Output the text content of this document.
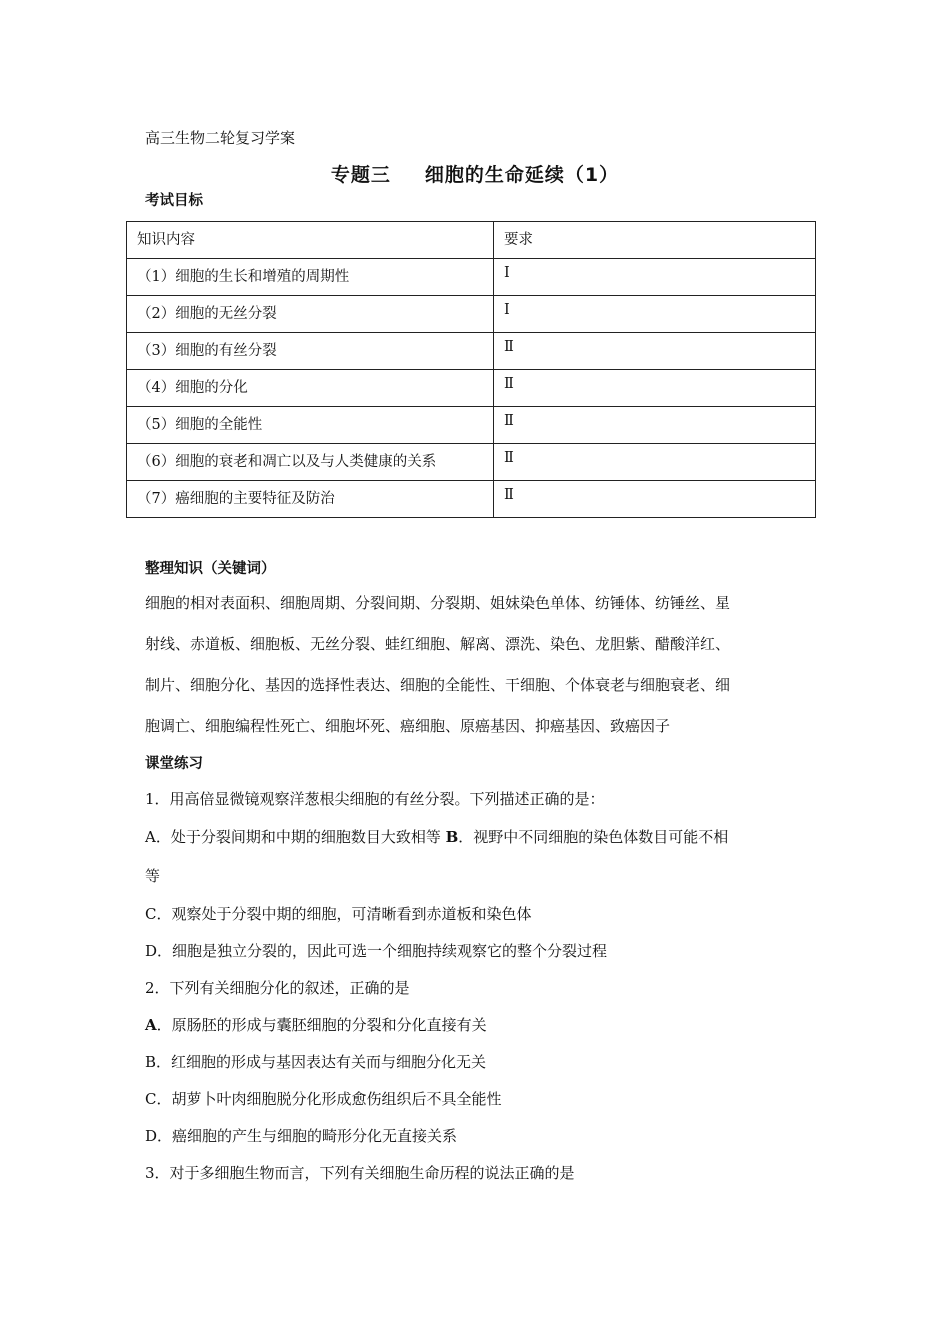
高三生物二轮复习学案
专题三 细胞的生命延续（1）
考试目标
知识内容	要求
（1）细胞的生长和增殖的周期性	Ⅰ
（2）细胞的无丝分裂	Ⅰ
（3）细胞的有丝分裂	Ⅱ
（4）细胞的分化	Ⅱ
（5）细胞的全能性	Ⅱ
（6）细胞的衰老和凋亡以及与人类健康的关系	Ⅱ
（7）癌细胞的主要特征及防治	Ⅱ
整理知识（关键词）
细胞的相对表面积、细胞周期、分裂间期、分裂期、姐妹染色单体、纺锤体、纺锤丝、星
射线、赤道板、细胞板、无丝分裂、蛙红细胞、解离、漂洗、染色、龙胆紫、醋酸洋红、
制片、细胞分化、基因的选择性表达、细胞的全能性、干细胞、个体衰老与细胞衰老、细
胞调亡、细胞编程性死亡、细胞坏死、癌细胞、原癌基因、抑癌基因、致癌因子
课堂练习
1．用高倍显微镜观察洋葱根尖细胞的有丝分裂。下列描述正确的是：
A．处于分裂间期和中期的细胞数目大致相等 B．视野中不同细胞的染色体数目可能不相
等
C．观察处于分裂中期的细胞，可清晰看到赤道板和染色体
D．细胞是独立分裂的，因此可选一个细胞持续观察它的整个分裂过程
2．下列有关细胞分化的叙述，正确的是
A．原肠胚的形成与囊胚细胞的分裂和分化直接有关
B．红细胞的形成与基因表达有关而与细胞分化无关
C．胡萝卜叶肉细胞脱分化形成愈伤组织后不具全能性
D．癌细胞的产生与细胞的畸形分化无直接关系
3．对于多细胞生物而言，下列有关细胞生命历程的说法正确的是
